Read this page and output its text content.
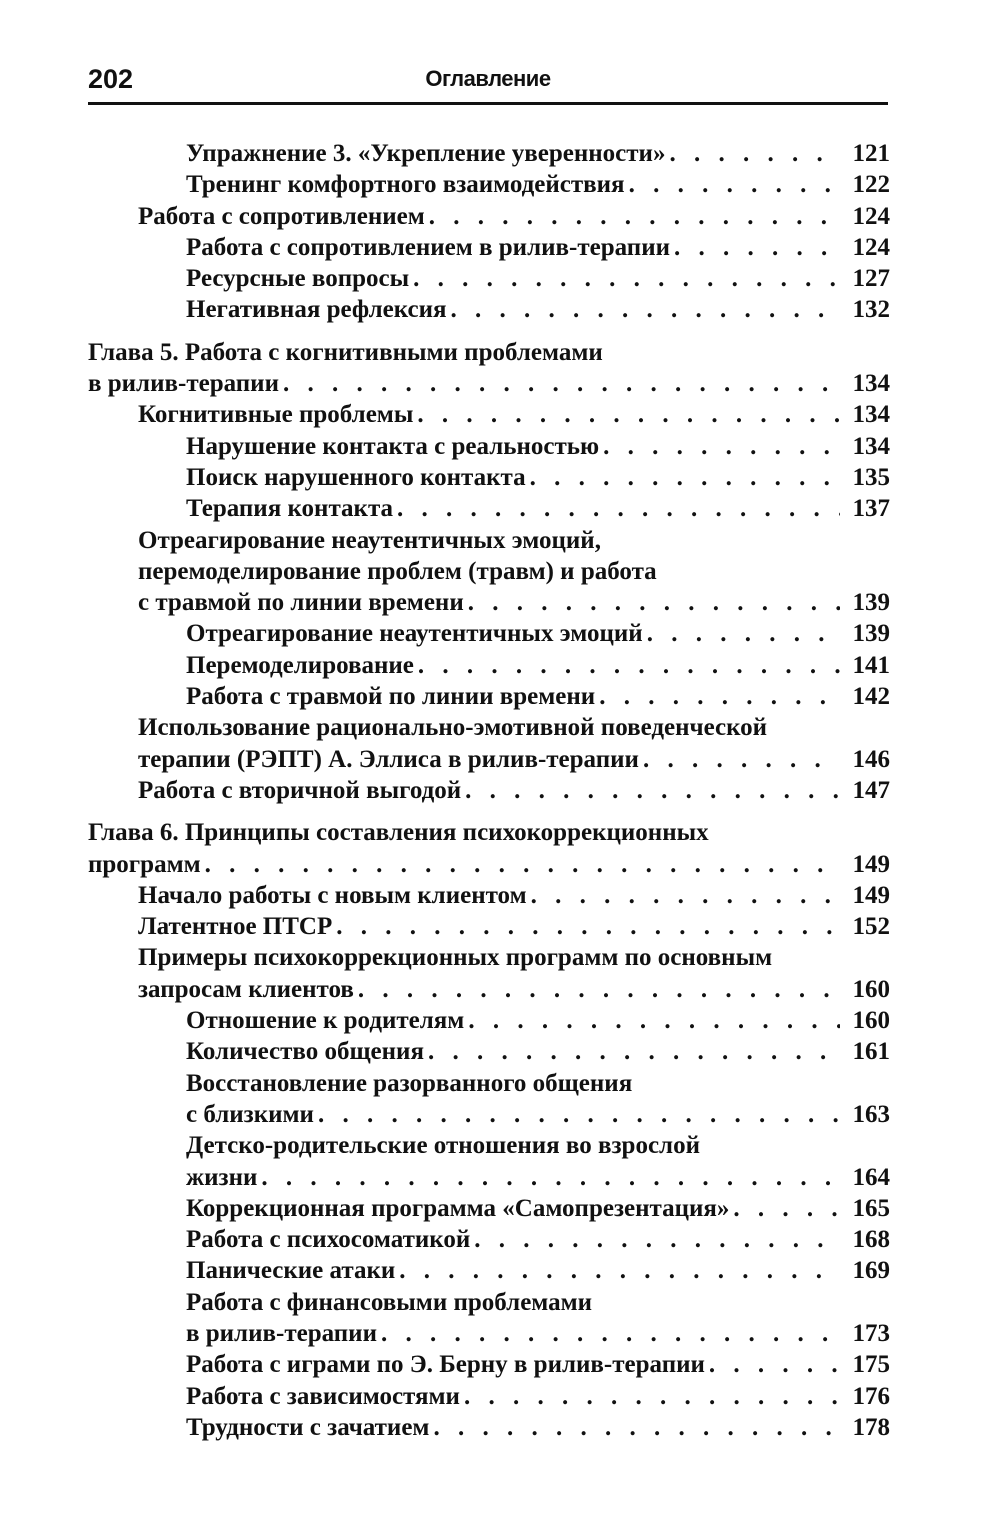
202	Оглавление
Упражнение 3. «Укрепление уверенности» . . .	121
Тренинг комфортного взаимодействия . . .	122
Работа с сопротивлением . . .	124
Работа с сопротивлением в рилив-терапии . . .	124
Ресурсные вопросы . . .	127
Негативная рефлексия . . .	132
Глава 5. Работа с когнитивными проблемами
в рилив-терапии . . .	134
Когнитивные проблемы . . .	134
Нарушение контакта с реальностью . . .	134
Поиск нарушенного контакта . . .	135
Терапия контакта . . .	137
Отреагирование неаутентичных эмоций,
перемоделирование проблем (травм) и работа
с травмой по линии времени . . .	139
Отреагирование неаутентичных эмоций . . .	139
Перемоделирование . . .	141
Работа с травмой по линии времени . . .	142
Использование рационально-эмотивной поведенческой
терапии (РЭПТ) А. Эллиса в рилив-терапии . . .	146
Работа с вторичной выгодой . . .	147
Глава 6. Принципы составления психокоррекционных
программ . . .	149
Начало работы с новым клиентом . . .	149
Латентное ПТСР . . .	152
Примеры психокоррекционных программ по основным
запросам клиентов . . .	160
Отношение к родителям . . .	160
Количество общения . . .	161
Восстановление разорванного общения
с близкими . . .	163
Детско-родительские отношения во взрослой
жизни . . .	164
Коррекционная программа «Самопрезентация» . . .	165
Работа с психосоматикой . . .	168
Панические атаки . . .	169
Работа с финансовыми проблемами
в рилив-терапии . . .	173
Работа с играми по Э. Берну в рилив-терапии . . .	175
Работа с зависимостями . . .	176
Трудности с зачатием . . .	178
